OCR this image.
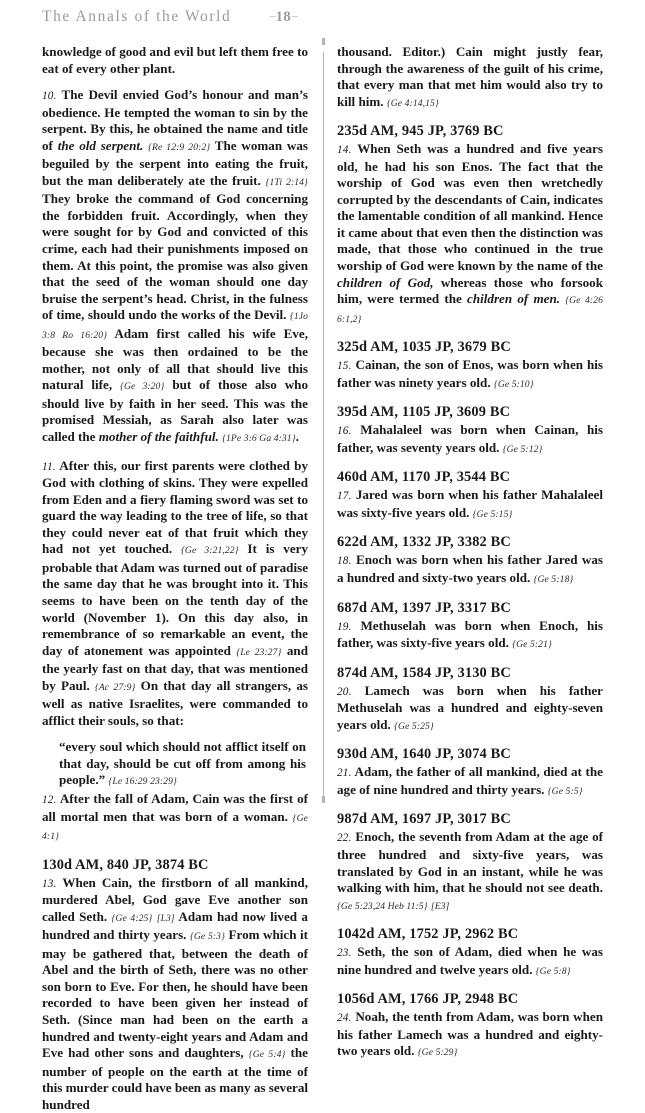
The Annals of the World	–18–

knowledge of good and evil but left them free to eat of every other plant.

10. The Devil envied God’s honour and man’s obedience. He tempted the woman to sin by the serpent. By this, he obtained the name and title of the old serpent. {Re 12:9 20:2} The woman was beguiled by the serpent into eating the fruit, but the man deliberately ate the fruit. {1Ti 2:14} They broke the command of God concerning the forbidden fruit. Accordingly, when they were sought for by God and convicted of this crime, each had their punishments imposed on them. At this point, the promise was also given that the seed of the woman should one day bruise the serpent’s head. Christ, in the fulness of time, should undo the works of the Devil. {1Jo 3:8 Ro 16:20} Adam first called his wife Eve, because she was then ordained to be the mother, not only of all that should live this natural life, {Ge 3:20} but of those also who should live by faith in her seed. This was the promised Messiah, as Sarah also later was called the mother of the faithful. {1Pe 3:6 Ga 4:31}.

11. After this, our first parents were clothed by God with clothing of skins. They were expelled from Eden and a fiery flaming sword was set to guard the way leading to the tree of life, so that they could never eat of that fruit which they had not yet touched. {Ge 3:21,22} It is very probable that Adam was turned out of paradise the same day that he was brought into it. This seems to have been on the tenth day of the world (November 1). On this day also, in remembrance of so remarkable an event, the day of atonement was appointed {Le 23:27} and the yearly fast on that day, that was mentioned by Paul. {Ac 27:9} On that day all strangers, as well as native Israelites, were commanded to afflict their souls, so that:

“every soul which should not afflict itself on that day, should be cut off from among his people.” {Le 16:29 23:29}

12. After the fall of Adam, Cain was the first of all mortal men that was born of a woman. {Ge 4:1}

130d AM, 840 JP, 3874 BC

13. When Cain, the firstborn of all mankind, murdered Abel, God gave Eve another son called Seth. {Ge 4:25} [L3] Adam had now lived a hundred and thirty years. {Ge 5:3} From which it may be gathered that, between the death of Abel and the birth of Seth, there was no other son born to Eve. For then, he should have been recorded to have been given her instead of Seth. (Since man had been on the earth a hundred and twenty-eight years and Adam and Eve had other sons and daughters, {Ge 5:4} the number of people on the earth at the time of this murder could have been as many as several hundred

thousand. Editor.) Cain might justly fear, through the awareness of the guilt of his crime, that every man that met him would also try to kill him. {Ge 4:14,15}

235d AM, 945 JP, 3769 BC

14. When Seth was a hundred and five years old, he had his son Enos. The fact that the worship of God was even then wretchedly corrupted by the descendants of Cain, indicates the lamentable condition of all mankind. Hence it came about that even then the distinction was made, that those who continued in the true worship of God were known by the name of the children of God, whereas those who forsook him, were termed the children of men. {Ge 4:26 6:1,2}

325d AM, 1035 JP, 3679 BC

15. Cainan, the son of Enos, was born when his father was ninety years old. {Ge 5:10}

395d AM, 1105 JP, 3609 BC

16. Mahalaleel was born when Cainan, his father, was seventy years old. {Ge 5:12}

460d AM, 1170 JP, 3544 BC

17. Jared was born when his father Mahalaleel was sixty-five years old. {Ge 5:15}

622d AM, 1332 JP, 3382 BC

18. Enoch was born when his father Jared was a hundred and sixty-two years old. {Ge 5:18}

687d AM, 1397 JP, 3317 BC

19. Methuselah was born when Enoch, his father, was sixty-five years old. {Ge 5:21}

874d AM, 1584 JP, 3130 BC

20. Lamech was born when his father Methuselah was a hundred and eighty-seven years old. {Ge 5:25}

930d AM, 1640 JP, 3074 BC

21. Adam, the father of all mankind, died at the age of nine hundred and thirty years. {Ge 5:5}

987d AM, 1697 JP, 3017 BC

22. Enoch, the seventh from Adam at the age of three hundred and sixty-five years, was translated by God in an instant, while he was walking with him, that he should not see death. {Ge 5:23,24 Heb 11:5} [E3]

1042d AM, 1752 JP, 2962 BC

23. Seth, the son of Adam, died when he was nine hundred and twelve years old. {Ge 5:8}

1056d AM, 1766 JP, 2948 BC

24. Noah, the tenth from Adam, was born when his father Lamech was a hundred and eighty-two years old. {Ge 5:29}
